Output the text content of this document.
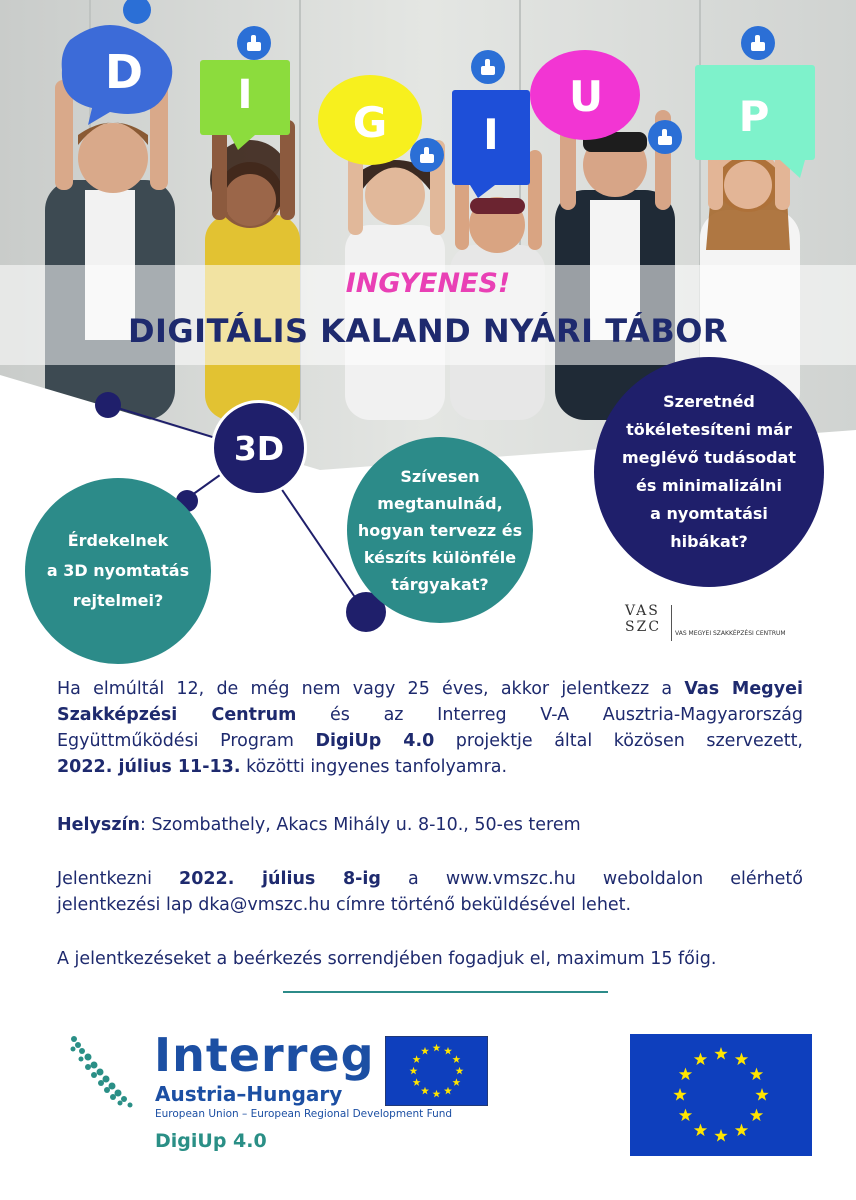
D	I
G	I
U	P
INGYENES!
DIGITÁLIS KALAND NYÁRI TÁBOR
3D
Érdekelnek
a 3D nyomtatás
rejtelmei?
Szívesen
megtanulnád,
hogyan tervezz és
készíts különféle
tárgyakat?
Szeretnéd
tökéletesíteni már
meglévő tudásodat
és minimalizálni
a nyomtatási
hibákat?
VAS SZC	VAS MEGYEI SZAKKÉPZÉSI CENTRUM
Ha elmúltál 12, de még nem vagy 25 éves, akkor jelentkezz a Vas Megyei
Szakképzési Centrum és az Interreg V-A Ausztria-Magyarország
Együttműködési Program DigiUp 4.0 projektje által közösen szervezett,
2022. július 11-13. közötti ingyenes tanfolyamra.
Helyszín: Szombathely, Akacs Mihály u. 8-10., 50-es terem
Jelentkezni 2022. július 8-ig a www.vmszc.hu weboldalon elérhető
jelentkezési lap dka@vmszc.hu címre történő beküldésével lehet.
A jelentkezéseket a beérkezés sorrendjében fogadjuk el, maximum 15 főig.
Interreg
Austria–Hungary
European Union – European Regional Development Fund
DigiUp 4.0
